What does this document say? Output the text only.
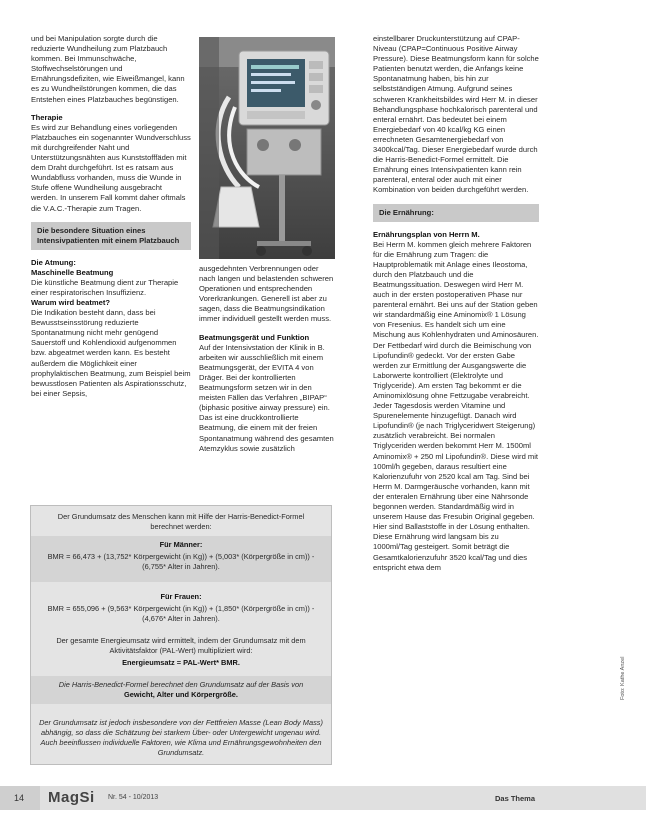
und bei Manipulation sorgte durch die reduzierte Wundheilung zum Platzbauch kommen. Bei Immunschwäche, Stoffwechselstörungen und Ernährungsdefiziten, wie Eiweißmangel, kann es zu Wundheilstörungen kommen, die das Entstehen eines Platzbauches begünstigen.

Therapie

Es wird zur Behandlung eines vorliegenden Platzbauches ein sogenannter Wundverschluss mit durchgreifender Naht und Unterstützungsnähten aus Kunststofffäden mit dem Draht durchgeführt. Ist es ratsam aus Wundabfluss vorhanden, muss die Wunde in Stufe offene Wundheilung ausgebracht werden. In unserem Fall kommt daher oftmals die V.A.C.-Therapie zum Tragen.

Die besondere Situation eines Intensivpatienten mit einem Platzbauch

Die Atmung:
Maschinelle Beatmung

Die künstliche Beatmung dient zur Therapie einer respiratorischen Insuffizienz.

Warum wird beatmet?

Die Indikation besteht dann, dass bei Bewusstseinsstörung reduzierte Spontanatmung nicht mehr genügend Sauerstoff und Kohlendioxid aufgenommen bzw. abgeatmet werden kann. Es besteht außerdem die Möglichkeit einer prophylaktischen Beatmung, zum Beispiel beim bewusstlosen Patienten als Aspirationsschutz, bei einer Sepsis,

ausgedehnten Verbrennungen oder nach langen und belastenden schweren Operationen und entsprechenden Vorerkrankungen. Generell ist aber zu sagen, dass die Beatmungsindikation immer individuell gestellt werden muss.

Beatmungsgerät und Funktion

Auf der Intensivstation der Klinik in B. arbeiten wir ausschließlich mit einem Beatmungsgerät, der EVITA 4 von Dräger. Bei der kontrollierten Beatmungsform setzen wir in den meisten Fällen das Verfahren „BIPAP“ (biphasic positive airway pressure) ein. Das ist eine druckkontrollierte Beatmung, die einem mit der freien Spontanatmung während des gesamten Atemzyklus sowie zusätzlich

Der Grundumsatz des Menschen kann mit Hilfe der Harris-Benedict-Formel berechnet werden:
Für Männer:
BMR = 66,473 + (13,752* Körpergewicht (in Kg)) + (5,003* (Körpergröße in cm)) - (6,755* Alter in Jahren).
Für Frauen:
BMR = 655,096 + (9,563* Körpergewicht (in Kg)) + (1,850* (Körpergröße in cm)) - (4,676* Alter in Jahren).
Der gesamte Energieumsatz wird ermittelt, indem der Grundumsatz mit dem Aktivitätsfaktor (PAL-Wert) multipliziert wird:
Energieumsatz = PAL-Wert* BMR.
Die Harris-Benedict-Formel berechnet den Grundumsatz auf der Basis von
Gewicht, Alter und Körpergröße.
Der Grundumsatz ist jedoch insbesondere von der Fettfreien Masse (Lean Body Mass) abhängig, so dass die Schätzung bei starkem Über- oder Untergewicht ungenau wird. Auch beeinflussen individuelle Faktoren, wie Klima und Ernährungsgewohnheiten den Grundumsatz.

einstellbarer Druckunterstützung auf CPAP-Niveau (CPAP=Continuous Positive Airway Pressure). Diese Beatmungsform kann für solche Patienten benutzt werden, die Anfangs keine Spontanatmung haben, bis hin zur selbstständigen Atmung. Aufgrund seines schweren Krankheitsbildes wird Herr M. in dieser Behandlungsphase hochkalorisch parenteral und enteral ernährt. Das bedeutet bei einem Energiebedarf von 40 kcal/kg KG einen errechneten Gesamtenergiebedarf von 3400kcal/Tag. Dieser Energiebedarf wurde durch die Harris-Benedict-Formel ermittelt. Die Ernährung eines Intensivpatienten kann rein parenteral, enteral oder auch mit einer Kombination von beiden durchgeführt werden.

Die Ernährung:

Ernährungsplan von Herrn M.

Bei Herrn M. kommen gleich mehrere Faktoren für die Ernährung zum Tragen: die Hauptproblematik mit Anlage eines Ileostoma, durch den Platzbauch und die Beatmungssituation. Deswegen wird Herr M. auch in der ersten postoperativen Phase nur parenteral ernährt. Bei uns auf der Station geben wir standardmäßig eine Aminomix® 1 Lösung von Fresenius. Es handelt sich um eine Mischung aus Kohlenhydraten und Aminosäuren. Der Fettbedarf wird durch die Beimischung von Lipofundin® gedeckt. Vor der ersten Gabe werden zur Ermittlung der Ausgangswerte die Laborwerte kontrolliert (Elektrolyte und Triglyceride). Am ersten Tag bekommt er die Aminomixlösung ohne Fettzugabe verabreicht. Jeder Tagesdosis werden Vitamine und Spurenelemente hinzugefügt. Danach wird Lipofundin® (je nach Triglyceridwert Steigerung) zusätzlich verabreicht. Bei normalen Triglyceriden werden bekommt Herr M. 1500ml Aminomix® + 250 ml Lipofundin®. Diese wird mit 100ml/h gegeben, daraus resultiert eine Kalorienzufuhr von 2520 kcal am Tag. Sind bei Herrn M. Darmgeräusche vorhanden, kann mit der enteralen Ernährung über eine Nährsonde begonnen werden. Standardmäßig wird in unserem Hause das Fresubin Original gegeben. Hier sind Ballaststoffe in der Lösung enthalten. Diese Ernährung wird langsam bis zu 1000ml/Tag gesteigert. Somit beträgt die Gesamtkalorienzufuhr 3520 kcal/Tag und dies entspricht etwa dem

Foto: Kathe Anzel
14 MagSi Nr. 54 - 10/2013	Das Thema
